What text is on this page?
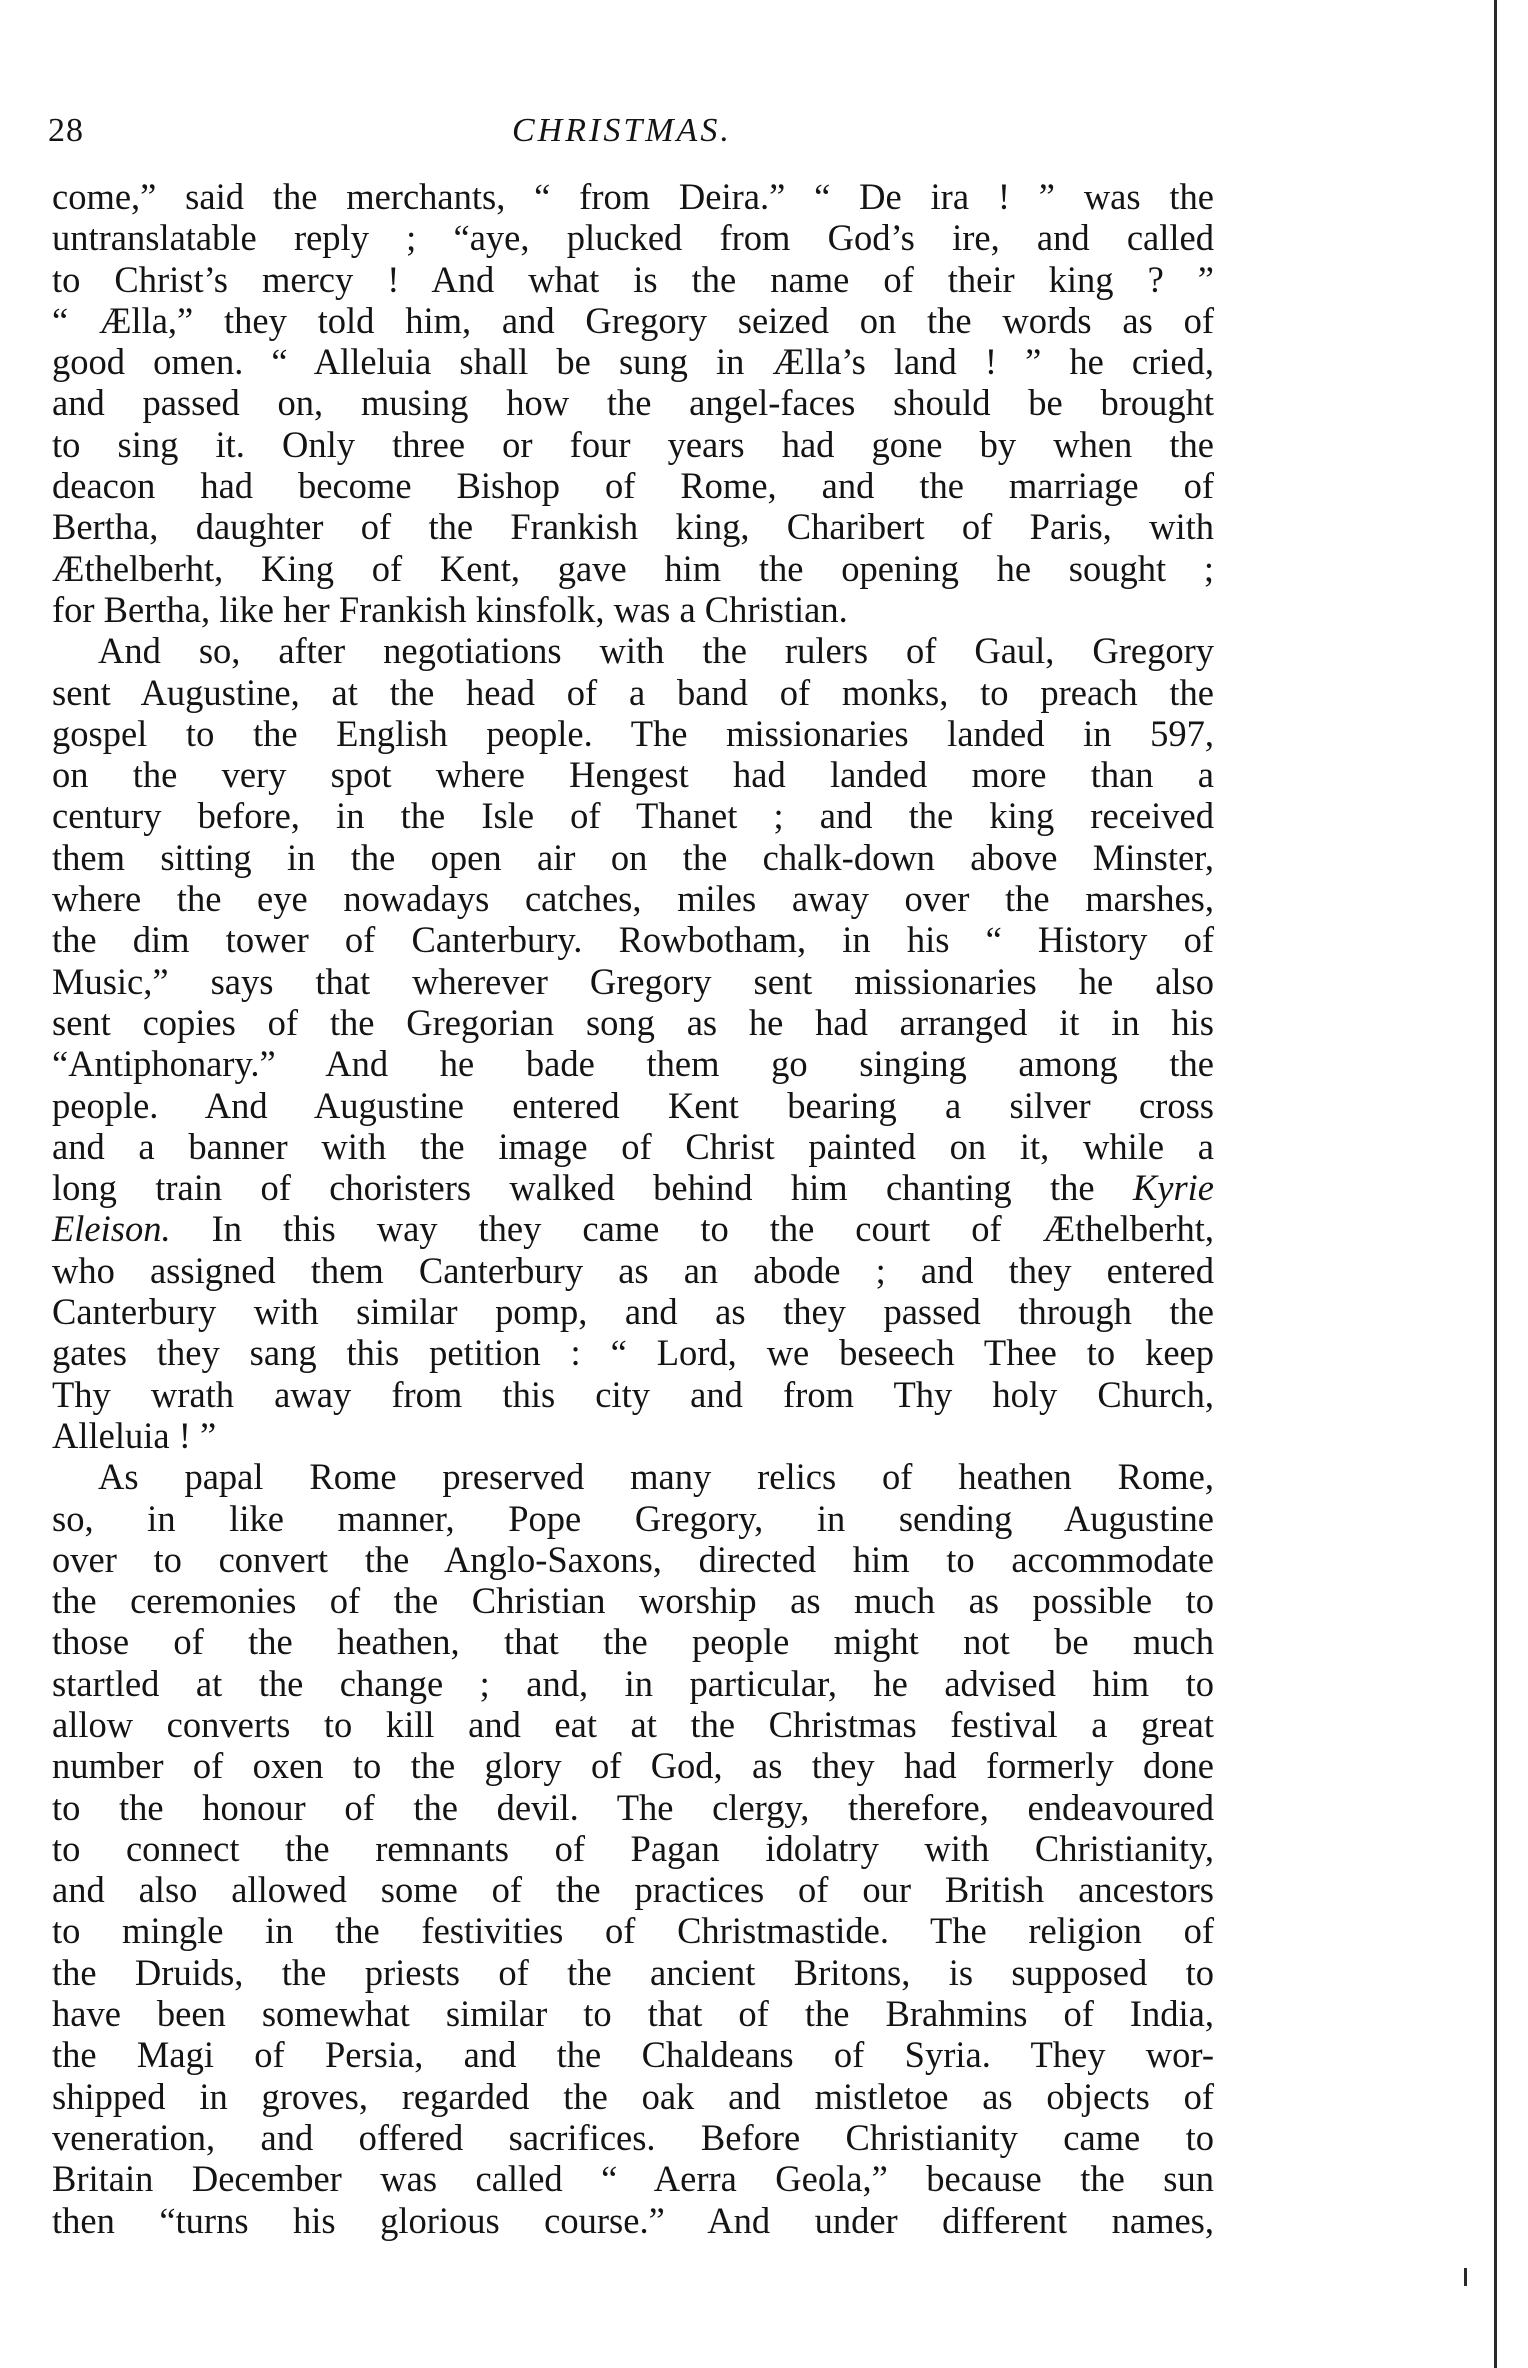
28	CHRISTMAS.
come,” said the merchants, “ from Deira.” “ De ira ! ” was the
untranslatable reply ; “aye, plucked from God’s ire, and called
to Christ’s mercy ! And what is the name of their king ? ”
“ Ælla,” they told him, and Gregory seized on the words as of
good omen. “ Alleluia shall be sung in Ælla’s land ! ” he cried,
and passed on, musing how the angel-faces should be brought
to sing it. Only three or four years had gone by when the
deacon had become Bishop of Rome, and the marriage of
Bertha, daughter of the Frankish king, Charibert of Paris, with
Æthelberht, King of Kent, gave him the opening he sought ;
for Bertha, like her Frankish kinsfolk, was a Christian.
And so, after negotiations with the rulers of Gaul, Gregory
sent Augustine, at the head of a band of monks, to preach the
gospel to the English people. The missionaries landed in 597,
on the very spot where Hengest had landed more than a
century before, in the Isle of Thanet ; and the king received
them sitting in the open air on the chalk-down above Minster,
where the eye nowadays catches, miles away over the marshes,
the dim tower of Canterbury. Rowbotham, in his “ History of
Music,” says that wherever Gregory sent missionaries he also
sent copies of the Gregorian song as he had arranged it in his
“Antiphonary.” And he bade them go singing among the
people. And Augustine entered Kent bearing a silver cross
and a banner with the image of Christ painted on it, while a
long train of choristers walked behind him chanting the Kyrie
Eleison. In this way they came to the court of Æthelberht,
who assigned them Canterbury as an abode ; and they entered
Canterbury with similar pomp, and as they passed through the
gates they sang this petition : “ Lord, we beseech Thee to keep
Thy wrath away from this city and from Thy holy Church,
Alleluia ! ”
As papal Rome preserved many relics of heathen Rome,
so, in like manner, Pope Gregory, in sending Augustine
over to convert the Anglo-Saxons, directed him to accommodate
the ceremonies of the Christian worship as much as possible to
those of the heathen, that the people might not be much
startled at the change ; and, in particular, he advised him to
allow converts to kill and eat at the Christmas festival a great
number of oxen to the glory of God, as they had formerly done
to the honour of the devil. The clergy, therefore, endeavoured
to connect the remnants of Pagan idolatry with Christianity,
and also allowed some of the practices of our British ancestors
to mingle in the festivities of Christmastide. The religion of
the Druids, the priests of the ancient Britons, is supposed to
have been somewhat similar to that of the Brahmins of India,
the Magi of Persia, and the Chaldeans of Syria. They wor-
shipped in groves, regarded the oak and mistletoe as objects of
veneration, and offered sacrifices. Before Christianity came to
Britain December was called “ Aerra Geola,” because the sun
then “turns his glorious course.” And under different names,
